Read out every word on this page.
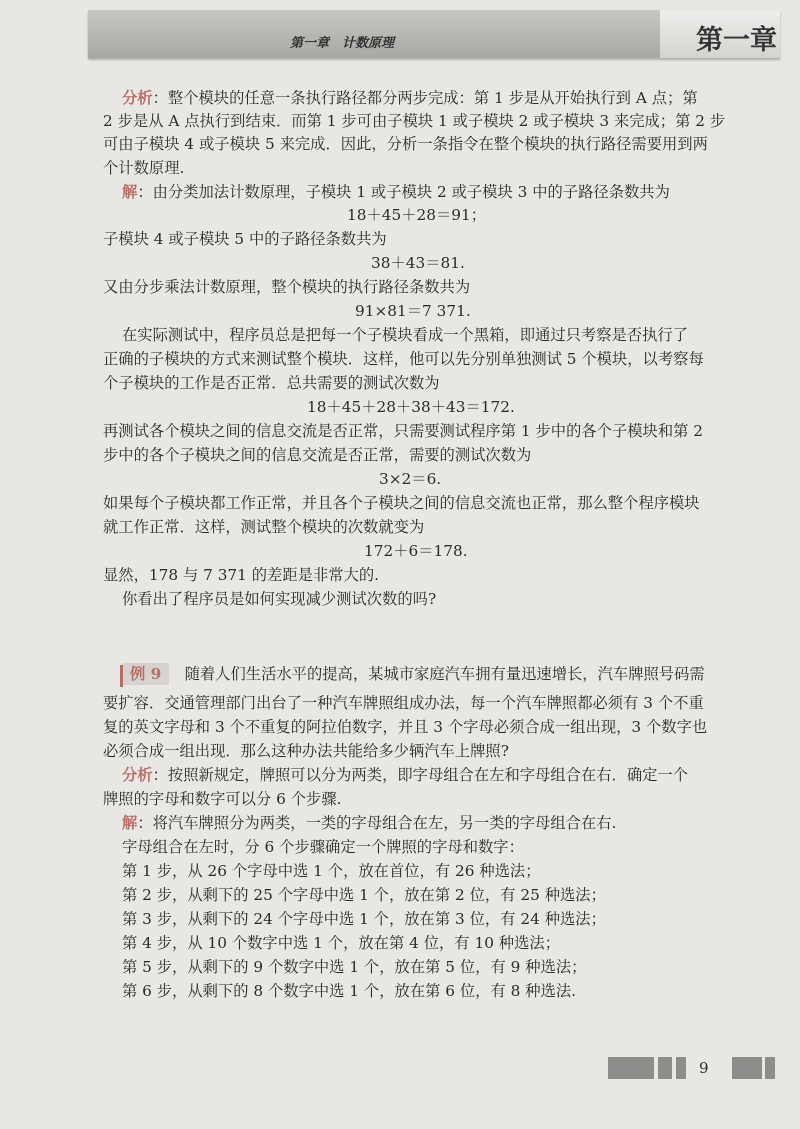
第一章　计数原理	第一章
分析：整个模块的任意一条执行路径都分两步完成：第 1 步是从开始执行到 A 点；第
2 步是从 A 点执行到结束．而第 1 步可由子模块 1 或子模块 2 或子模块 3 来完成；第 2 步
可由子模块 4 或子模块 5 来完成．因此，分析一条指令在整个模块的执行路径需要用到两
个计数原理.
解：由分类加法计数原理，子模块 1 或子模块 2 或子模块 3 中的子路径条数共为
18＋45＋28＝91；
子模块 4 或子模块 5 中的子路径条数共为
38＋43＝81.
又由分步乘法计数原理，整个模块的执行路径条数共为
91×81＝7 371.
在实际测试中，程序员总是把每一个子模块看成一个黑箱，即通过只考察是否执行了
正确的子模块的方式来测试整个模块．这样，他可以先分别单独测试 5 个模块，以考察每
个子模块的工作是否正常．总共需要的测试次数为
18＋45＋28＋38＋43＝172.
再测试各个模块之间的信息交流是否正常，只需要测试程序第 1 步中的各个子模块和第 2
步中的各个子模块之间的信息交流是否正常，需要的测试次数为
3×2＝6.
如果每个子模块都工作正常，并且各个子模块之间的信息交流也正常，那么整个程序模块
就工作正常．这样，测试整个模块的次数就变为
172＋6＝178.
显然，178 与 7 371 的差距是非常大的.
你看出了程序员是如何实现减少测试次数的吗?
例 9　随着人们生活水平的提高，某城市家庭汽车拥有量迅速增长，汽车牌照号码需
要扩容．交通管理部门出台了一种汽车牌照组成办法，每一个汽车牌照都必须有 3 个不重
复的英文字母和 3 个不重复的阿拉伯数字，并且 3 个字母必须合成一组出现，3 个数字也
必须合成一组出现．那么这种办法共能给多少辆汽车上牌照?
分析：按照新规定，牌照可以分为两类，即字母组合在左和字母组合在右．确定一个
牌照的字母和数字可以分 6 个步骤.
解：将汽车牌照分为两类，一类的字母组合在左，另一类的字母组合在右.
字母组合在左时，分 6 个步骤确定一个牌照的字母和数字：
第 1 步，从 26 个字母中选 1 个，放在首位，有 26 种选法；
第 2 步，从剩下的 25 个字母中选 1 个，放在第 2 位，有 25 种选法；
第 3 步，从剩下的 24 个字母中选 1 个，放在第 3 位，有 24 种选法；
第 4 步，从 10 个数字中选 1 个，放在第 4 位，有 10 种选法；
第 5 步，从剩下的 9 个数字中选 1 个，放在第 5 位，有 9 种选法；
第 6 步，从剩下的 8 个数字中选 1 个，放在第 6 位，有 8 种选法.
9
